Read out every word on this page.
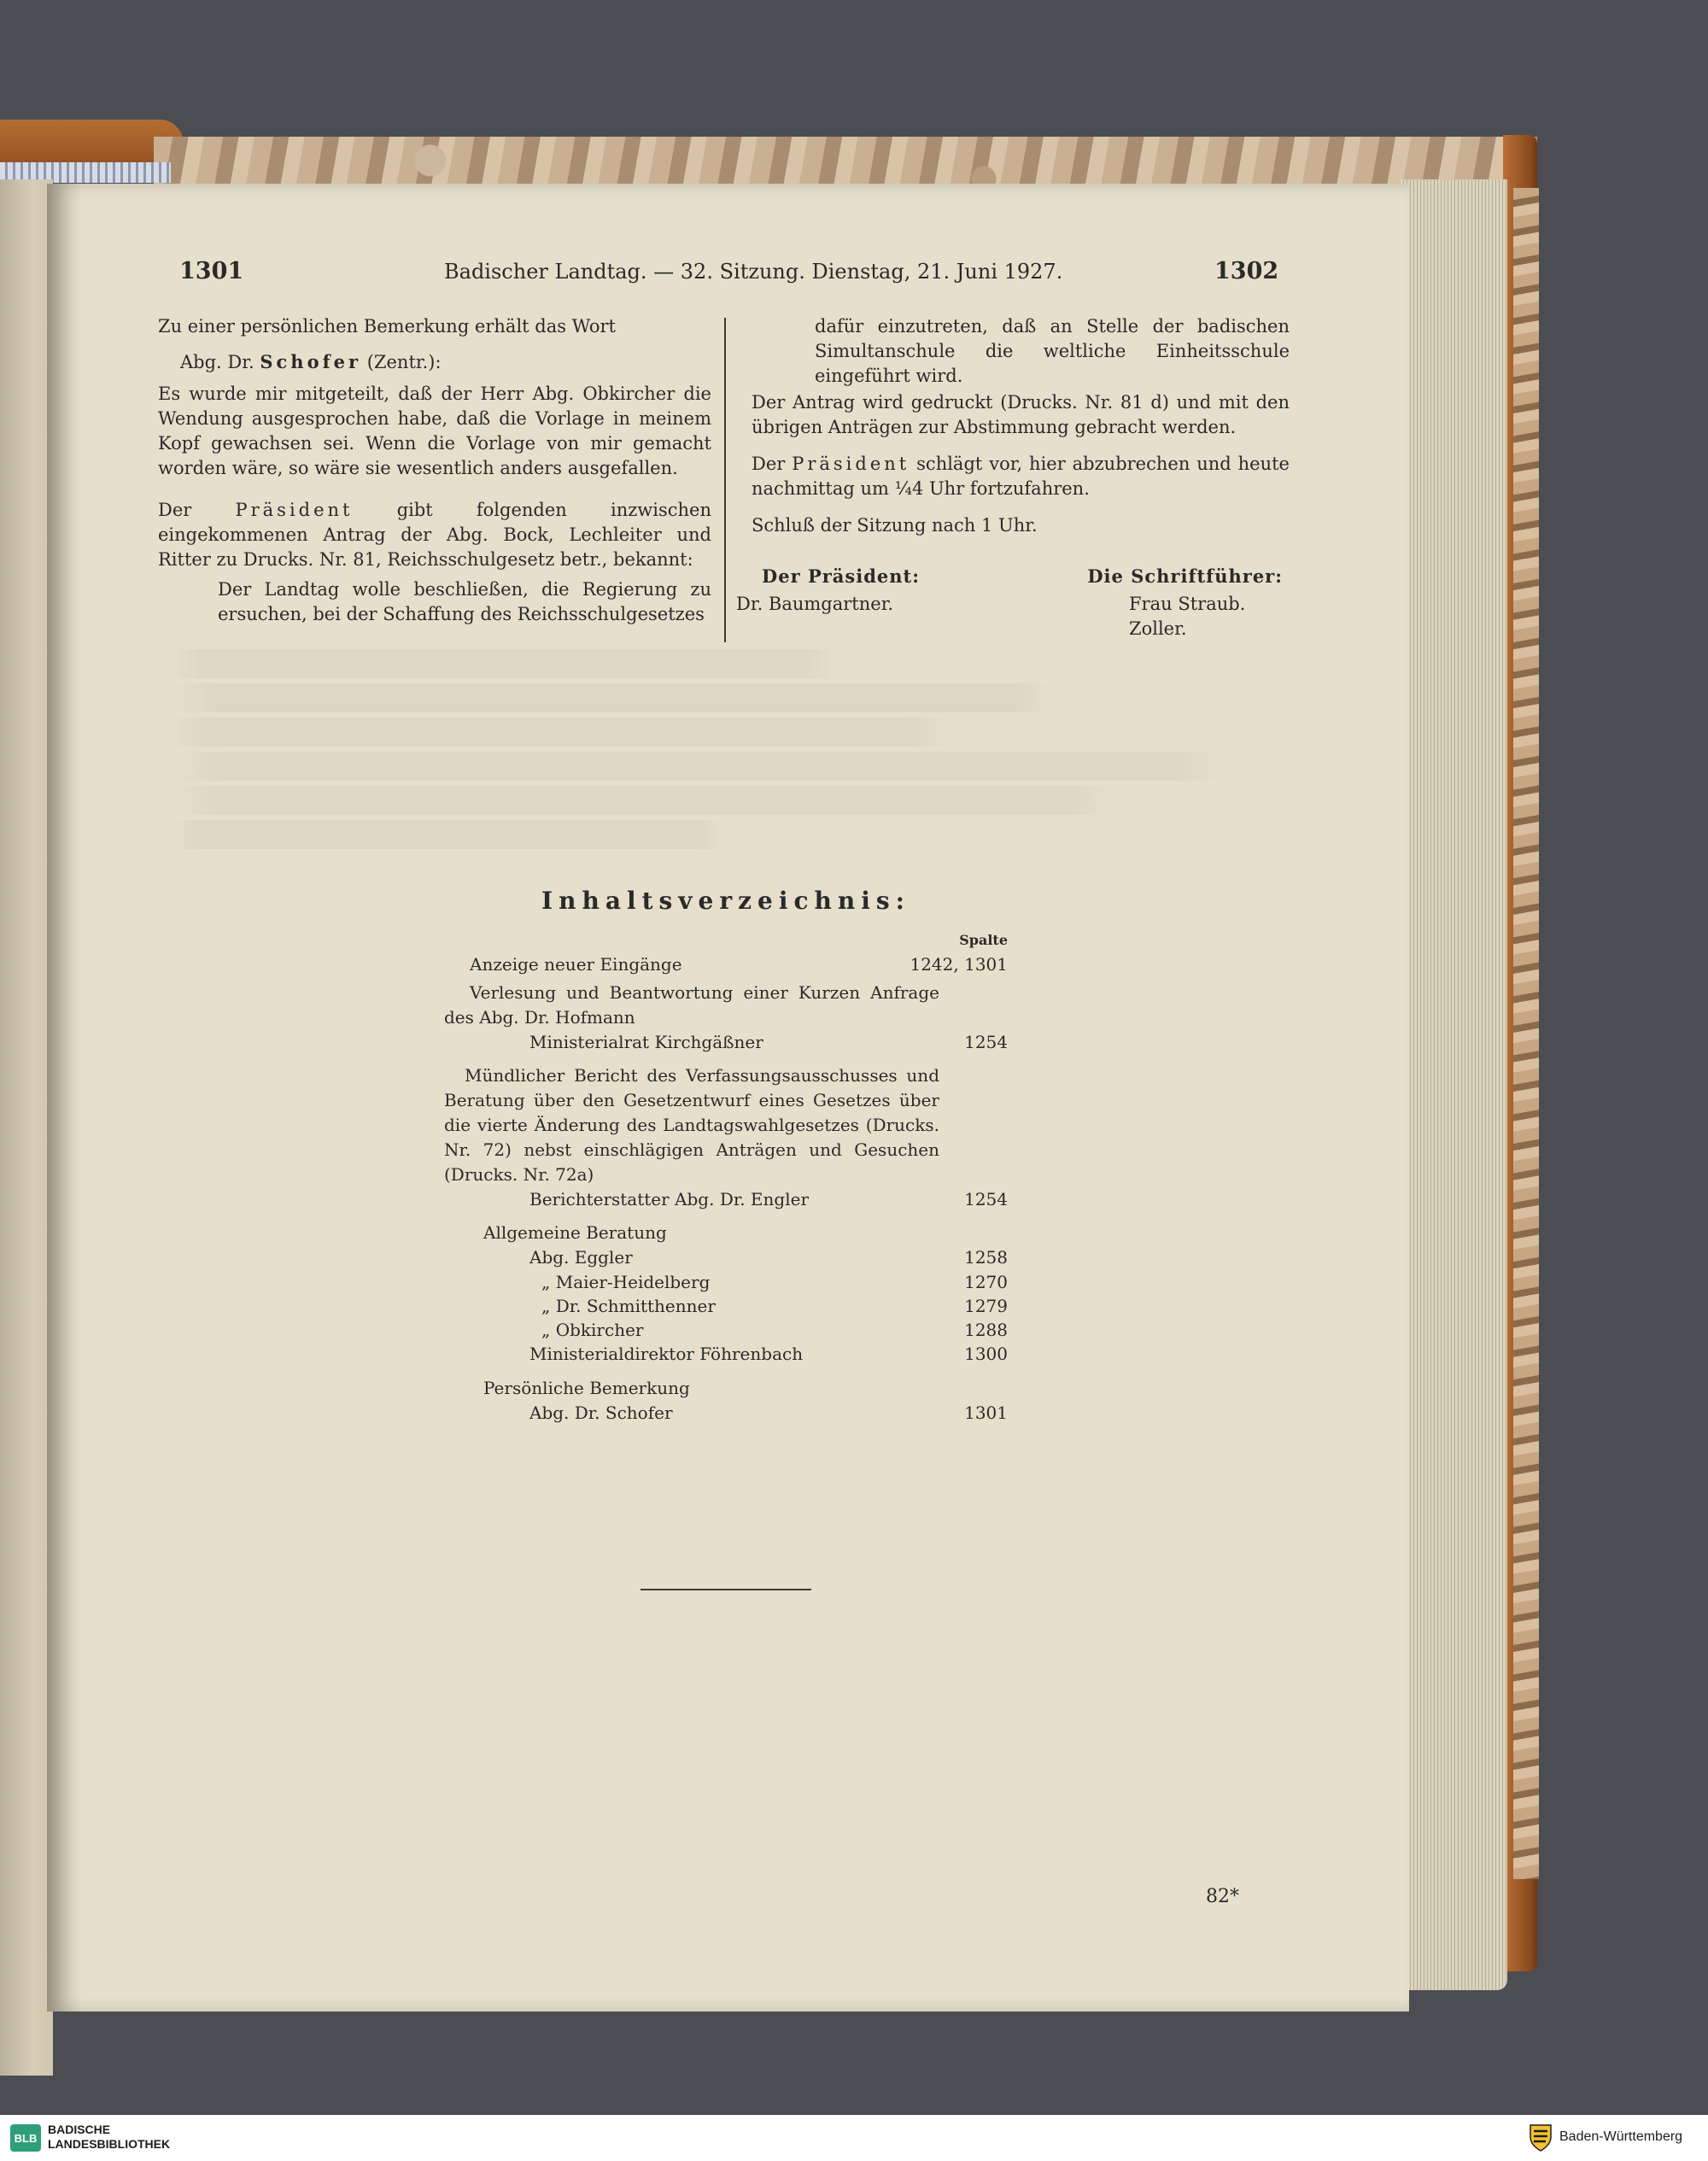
1301	Badischer Landtag. — 32. Sitzung. Dienstag, 21. Juni 1927.	1302

Zu einer persönlichen Bemerkung erhält das Wort

Abg. Dr. Schofer (Zentr.):

Es wurde mir mitgeteilt, daß der Herr Abg. Obkircher die Wendung ausgesprochen habe, daß die Vorlage in meinem Kopf gewachsen sei. Wenn die Vorlage von mir gemacht worden wäre, so wäre sie wesentlich anders ausgefallen.

Der Präsident gibt folgenden inzwischen eingekommenen Antrag der Abg. Bock, Lechleiter und Ritter zu Drucks. Nr. 81, Reichsschulgesetz betr., bekannt:

Der Landtag wolle beschließen, die Regierung zu ersuchen, bei der Schaffung des Reichsschulgesetzes

dafür einzutreten, daß an Stelle der badischen Simultanschule die weltliche Einheitsschule eingeführt wird.

Der Antrag wird gedruckt (Drucks. Nr. 81 d) und mit den übrigen Anträgen zur Abstimmung gebracht werden.

Der Präsident schlägt vor, hier abzubrechen und heute nachmittag um ¼4 Uhr fortzufahren.

Schluß der Sitzung nach 1 Uhr.

Der Präsident:	Die Schriftführer:
Dr. Baumgartner.	Frau Straub.
Zoller.
Inhaltsverzeichnis:
Spalte
Anzeige neuer Eingänge	1242, 1301

Verlesung und Beantwortung einer Kurzen Anfrage des Abg. Dr. Hofmann

Ministerialrat Kirchgäßner	1254

Mündlicher Bericht des Verfassungsausschusses und Beratung über den Gesetzentwurf eines Gesetzes über die vierte Änderung des Landtagswahlgesetzes (Drucks. Nr. 72) nebst einschlägigen Anträgen und Gesuchen (Drucks. Nr. 72a)

Berichterstatter Abg. Dr. Engler	1254
Allgemeine Beratung
Abg. Eggler	1258
„ Maier-Heidelberg	1270
„ Dr. Schmitthenner	1279
„ Obkircher	1288
Ministerialdirektor Föhrenbach	1300
Persönliche Bemerkung
Abg. Dr. Schofer	1301
82*
BLB
BADISCHE
LANDESBIBLIOTHEK	Baden-Württemberg
